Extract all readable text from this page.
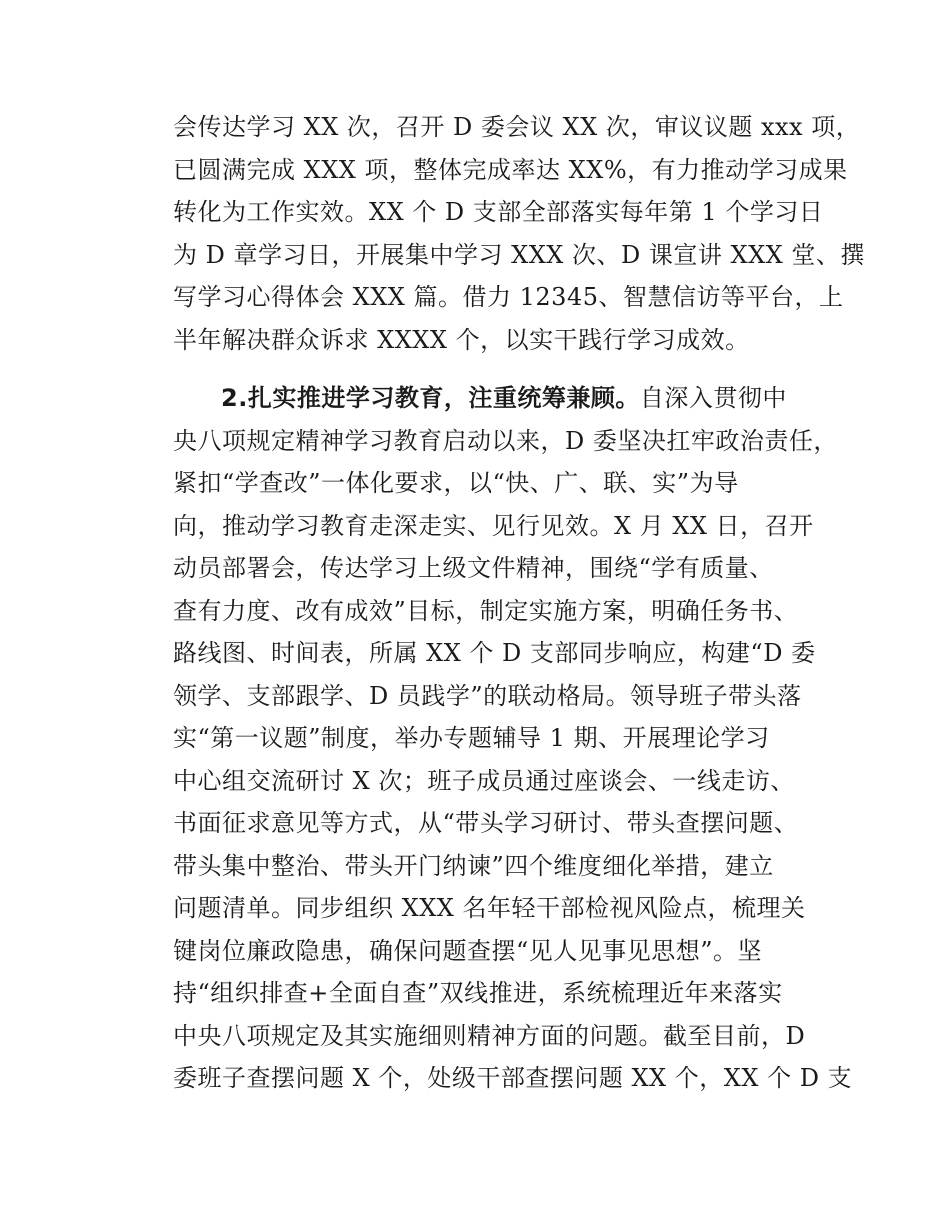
会传达学习 XX 次，召开 D 委会议 XX 次，审议议题 xxx 项，
已圆满完成 XXX 项，整体完成率达 XX%，有力推动学习成果
转化为工作实效。XX 个 D 支部全部落实每年第 1 个学习日
为 D 章学习日，开展集中学习 XXX 次、D 课宣讲 XXX 堂、撰
写学习心得体会 XXX 篇。借力 12345、智慧信访等平台，上
半年解决群众诉求 XXXX 个，以实干践行学习成效。
2.扎实推进学习教育，注重统筹兼顾。自深入贯彻中
央八项规定精神学习教育启动以来，D 委坚决扛牢政治责任，
紧扣“学查改”一体化要求，以“快、广、联、实”为导
向，推动学习教育走深走实、见行见效。X 月 XX 日，召开
动员部署会，传达学习上级文件精神，围绕“学有质量、
查有力度、改有成效”目标，制定实施方案，明确任务书、
路线图、时间表，所属 XX 个 D 支部同步响应，构建“D 委
领学、支部跟学、D 员践学”的联动格局。领导班子带头落
实“第一议题”制度，举办专题辅导 1 期、开展理论学习
中心组交流研讨 X 次；班子成员通过座谈会、一线走访、
书面征求意见等方式，从“带头学习研讨、带头查摆问题、
带头集中整治、带头开门纳谏”四个维度细化举措，建立
问题清单。同步组织 XXX 名年轻干部检视风险点，梳理关
键岗位廉政隐患，确保问题查摆“见人见事见思想”。坚
持“组织排查+全面自查”双线推进，系统梳理近年来落实
中央八项规定及其实施细则精神方面的问题。截至目前，D
委班子查摆问题 X 个，处级干部查摆问题 XX 个，XX 个 D 支
